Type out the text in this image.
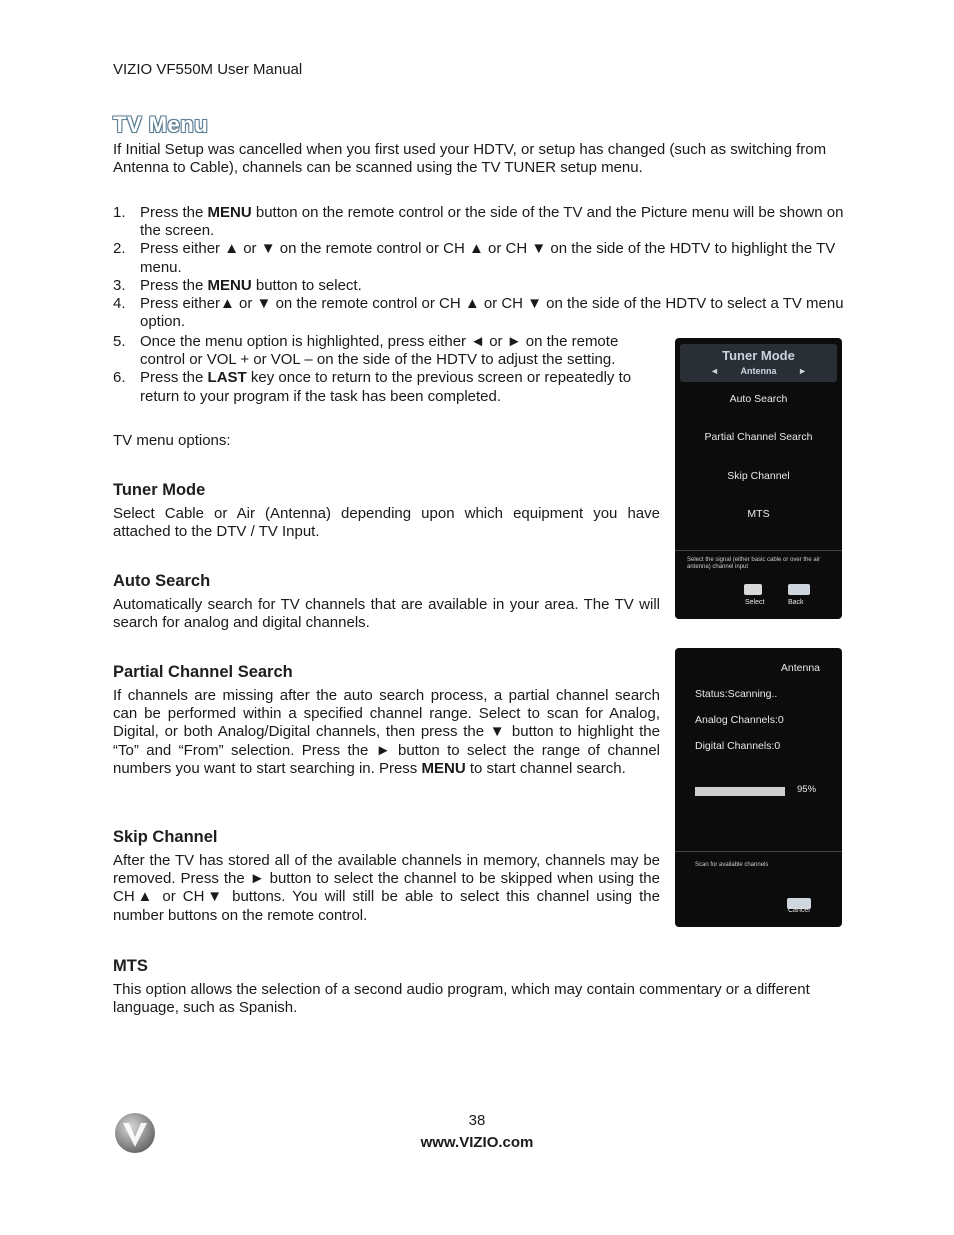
VIZIO VF550M User Manual
TV Menu
If Initial Setup was cancelled when you first used your HDTV, or setup has changed (such as switching from Antenna to Cable), channels can be scanned using the TV TUNER setup menu.
1. Press the MENU button on the remote control or the side of the TV and the Picture menu will be shown on the screen.
2. Press either ▲ or ▼ on the remote control or CH ▲ or CH ▼ on the side of the HDTV to highlight the TV menu.
3. Press the MENU button to select.
4. Press either▲ or ▼ on the remote control or CH ▲ or CH ▼ on the side of the HDTV to select a TV menu option.
5. Once the menu option is highlighted, press either ◄ or ► on the remote control or VOL + or VOL – on the side of the HDTV to adjust the setting.
6. Press the LAST key once to return to the previous screen or repeatedly to return to your program if the task has been completed.
TV menu options:
Tuner Mode
Select Cable or Air (Antenna) depending upon which equipment you have attached to the DTV / TV Input.
Auto Search
Automatically search for TV channels that are available in your area. The TV will search for analog and digital channels.
Partial Channel Search
If channels are missing after the auto search process, a partial channel search can be performed within a specified channel range. Select to scan for Analog, Digital, or both Analog/Digital channels, then press the ▼ button to highlight the “To” and “From” selection. Press the ► button to select the range of channel numbers you want to start searching in. Press MENU to start channel search.
Skip Channel
After the TV has stored all of the available channels in memory, channels may be removed. Press the ► button to select the channel to be skipped when using the CH▲ or CH▼ buttons. You will still be able to select this channel using the number buttons on the remote control.
MTS
This option allows the selection of a second audio program, which may contain commentary or a different language, such as Spanish.
Tuner Mode
◄	Antenna	►
Auto Search
Partial Channel Search
Skip Channel
MTS
Select the signal (either basic cable or over the air antenna) channel input
Select	Back
Antenna
Status:Scanning..
Analog Channels:0
Digital Channels:0
95%
Scan for available channels
Cancel
38
www.VIZIO.com
